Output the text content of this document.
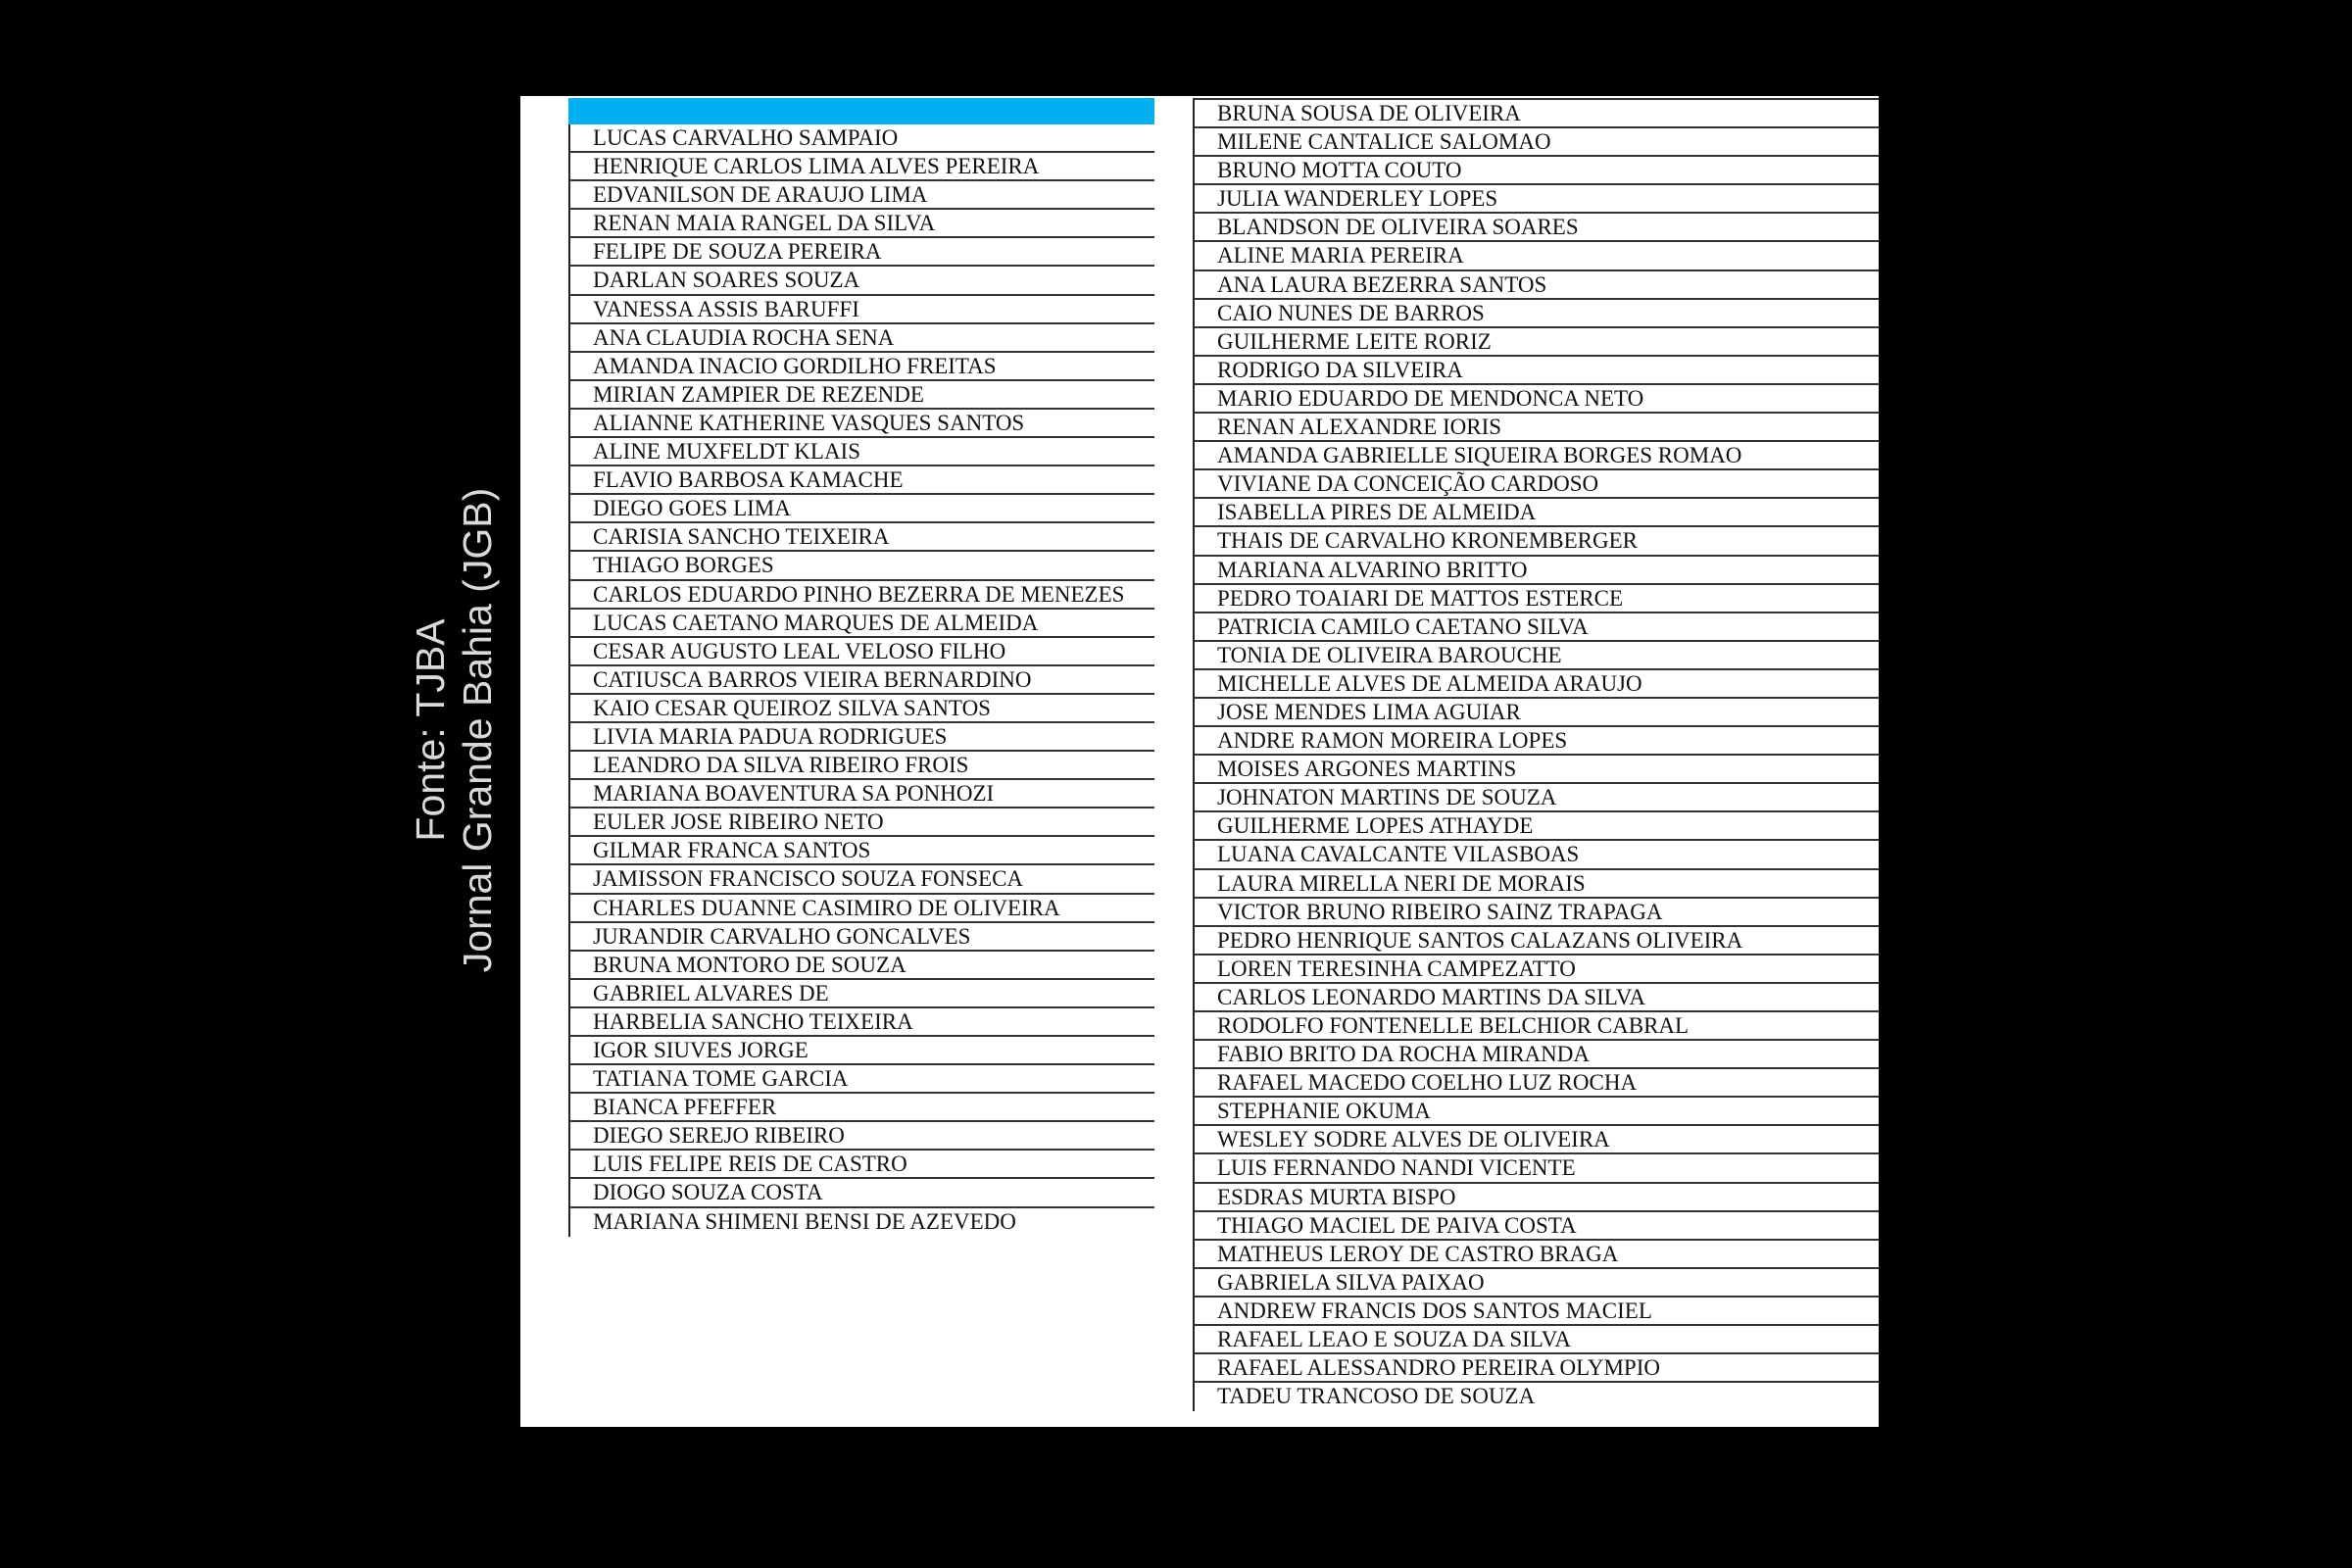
Fonte: TJBA Jornal Grande Bahia (JGB)
LUCAS CARVALHO SAMPAIO
HENRIQUE CARLOS LIMA ALVES PEREIRA
EDVANILSON DE ARAUJO LIMA
RENAN MAIA RANGEL DA SILVA
FELIPE DE SOUZA PEREIRA
DARLAN SOARES SOUZA
VANESSA ASSIS BARUFFI
ANA CLAUDIA ROCHA SENA
AMANDA INACIO GORDILHO FREITAS
MIRIAN ZAMPIER DE REZENDE
ALIANNE KATHERINE VASQUES SANTOS
ALINE MUXFELDT KLAIS
FLAVIO BARBOSA KAMACHE
DIEGO GOES LIMA
CARISIA SANCHO TEIXEIRA
THIAGO BORGES
CARLOS EDUARDO PINHO BEZERRA DE MENEZES
LUCAS CAETANO MARQUES DE ALMEIDA
CESAR AUGUSTO LEAL VELOSO FILHO
CATIUSCA BARROS VIEIRA BERNARDINO
KAIO CESAR QUEIROZ SILVA SANTOS
LIVIA MARIA PADUA RODRIGUES
LEANDRO DA SILVA RIBEIRO FROIS
MARIANA BOAVENTURA SA PONHOZI
EULER JOSE RIBEIRO NETO
GILMAR FRANCA SANTOS
JAMISSON FRANCISCO SOUZA FONSECA
CHARLES DUANNE CASIMIRO DE OLIVEIRA
JURANDIR CARVALHO GONCALVES
BRUNA MONTORO DE SOUZA
GABRIEL ALVARES DE
HARBELIA SANCHO TEIXEIRA
IGOR SIUVES JORGE
TATIANA TOME GARCIA
BIANCA PFEFFER
DIEGO SEREJO RIBEIRO
LUIS FELIPE REIS DE CASTRO
DIOGO SOUZA COSTA
MARIANA SHIMENI BENSI DE AZEVEDO
BRUNA SOUSA DE OLIVEIRA
MILENE CANTALICE SALOMAO
BRUNO MOTTA COUTO
JULIA WANDERLEY LOPES
BLANDSON DE OLIVEIRA SOARES
ALINE MARIA PEREIRA
ANA LAURA BEZERRA SANTOS
CAIO NUNES DE BARROS
GUILHERME LEITE RORIZ
RODRIGO DA SILVEIRA
MARIO EDUARDO DE MENDONCA NETO
RENAN ALEXANDRE IORIS
AMANDA GABRIELLE SIQUEIRA BORGES ROMAO
VIVIANE DA CONCEIÇÃO CARDOSO
ISABELLA PIRES DE ALMEIDA
THAIS DE CARVALHO KRONEMBERGER
MARIANA ALVARINO BRITTO
PEDRO TOAIARI DE MATTOS ESTERCE
PATRICIA CAMILO CAETANO SILVA
TONIA DE OLIVEIRA BAROUCHE
MICHELLE ALVES DE ALMEIDA ARAUJO
JOSE MENDES LIMA AGUIAR
ANDRE RAMON MOREIRA LOPES
MOISES ARGONES MARTINS
JOHNATON MARTINS DE SOUZA
GUILHERME LOPES ATHAYDE
LUANA CAVALCANTE VILASBOAS
LAURA MIRELLA NERI DE MORAIS
VICTOR BRUNO RIBEIRO SAINZ TRAPAGA
PEDRO HENRIQUE SANTOS CALAZANS OLIVEIRA
LOREN TERESINHA CAMPEZATTO
CARLOS LEONARDO MARTINS DA SILVA
RODOLFO FONTENELLE BELCHIOR CABRAL
FABIO BRITO DA ROCHA MIRANDA
RAFAEL MACEDO COELHO LUZ ROCHA
STEPHANIE OKUMA
WESLEY SODRE ALVES DE OLIVEIRA
LUIS FERNANDO NANDI VICENTE
ESDRAS MURTA BISPO
THIAGO MACIEL DE PAIVA COSTA
MATHEUS LEROY DE CASTRO BRAGA
GABRIELA SILVA PAIXAO
ANDREW FRANCIS DOS SANTOS MACIEL
RAFAEL LEAO E SOUZA DA SILVA
RAFAEL ALESSANDRO PEREIRA OLYMPIO
TADEU TRANCOSO DE SOUZA
